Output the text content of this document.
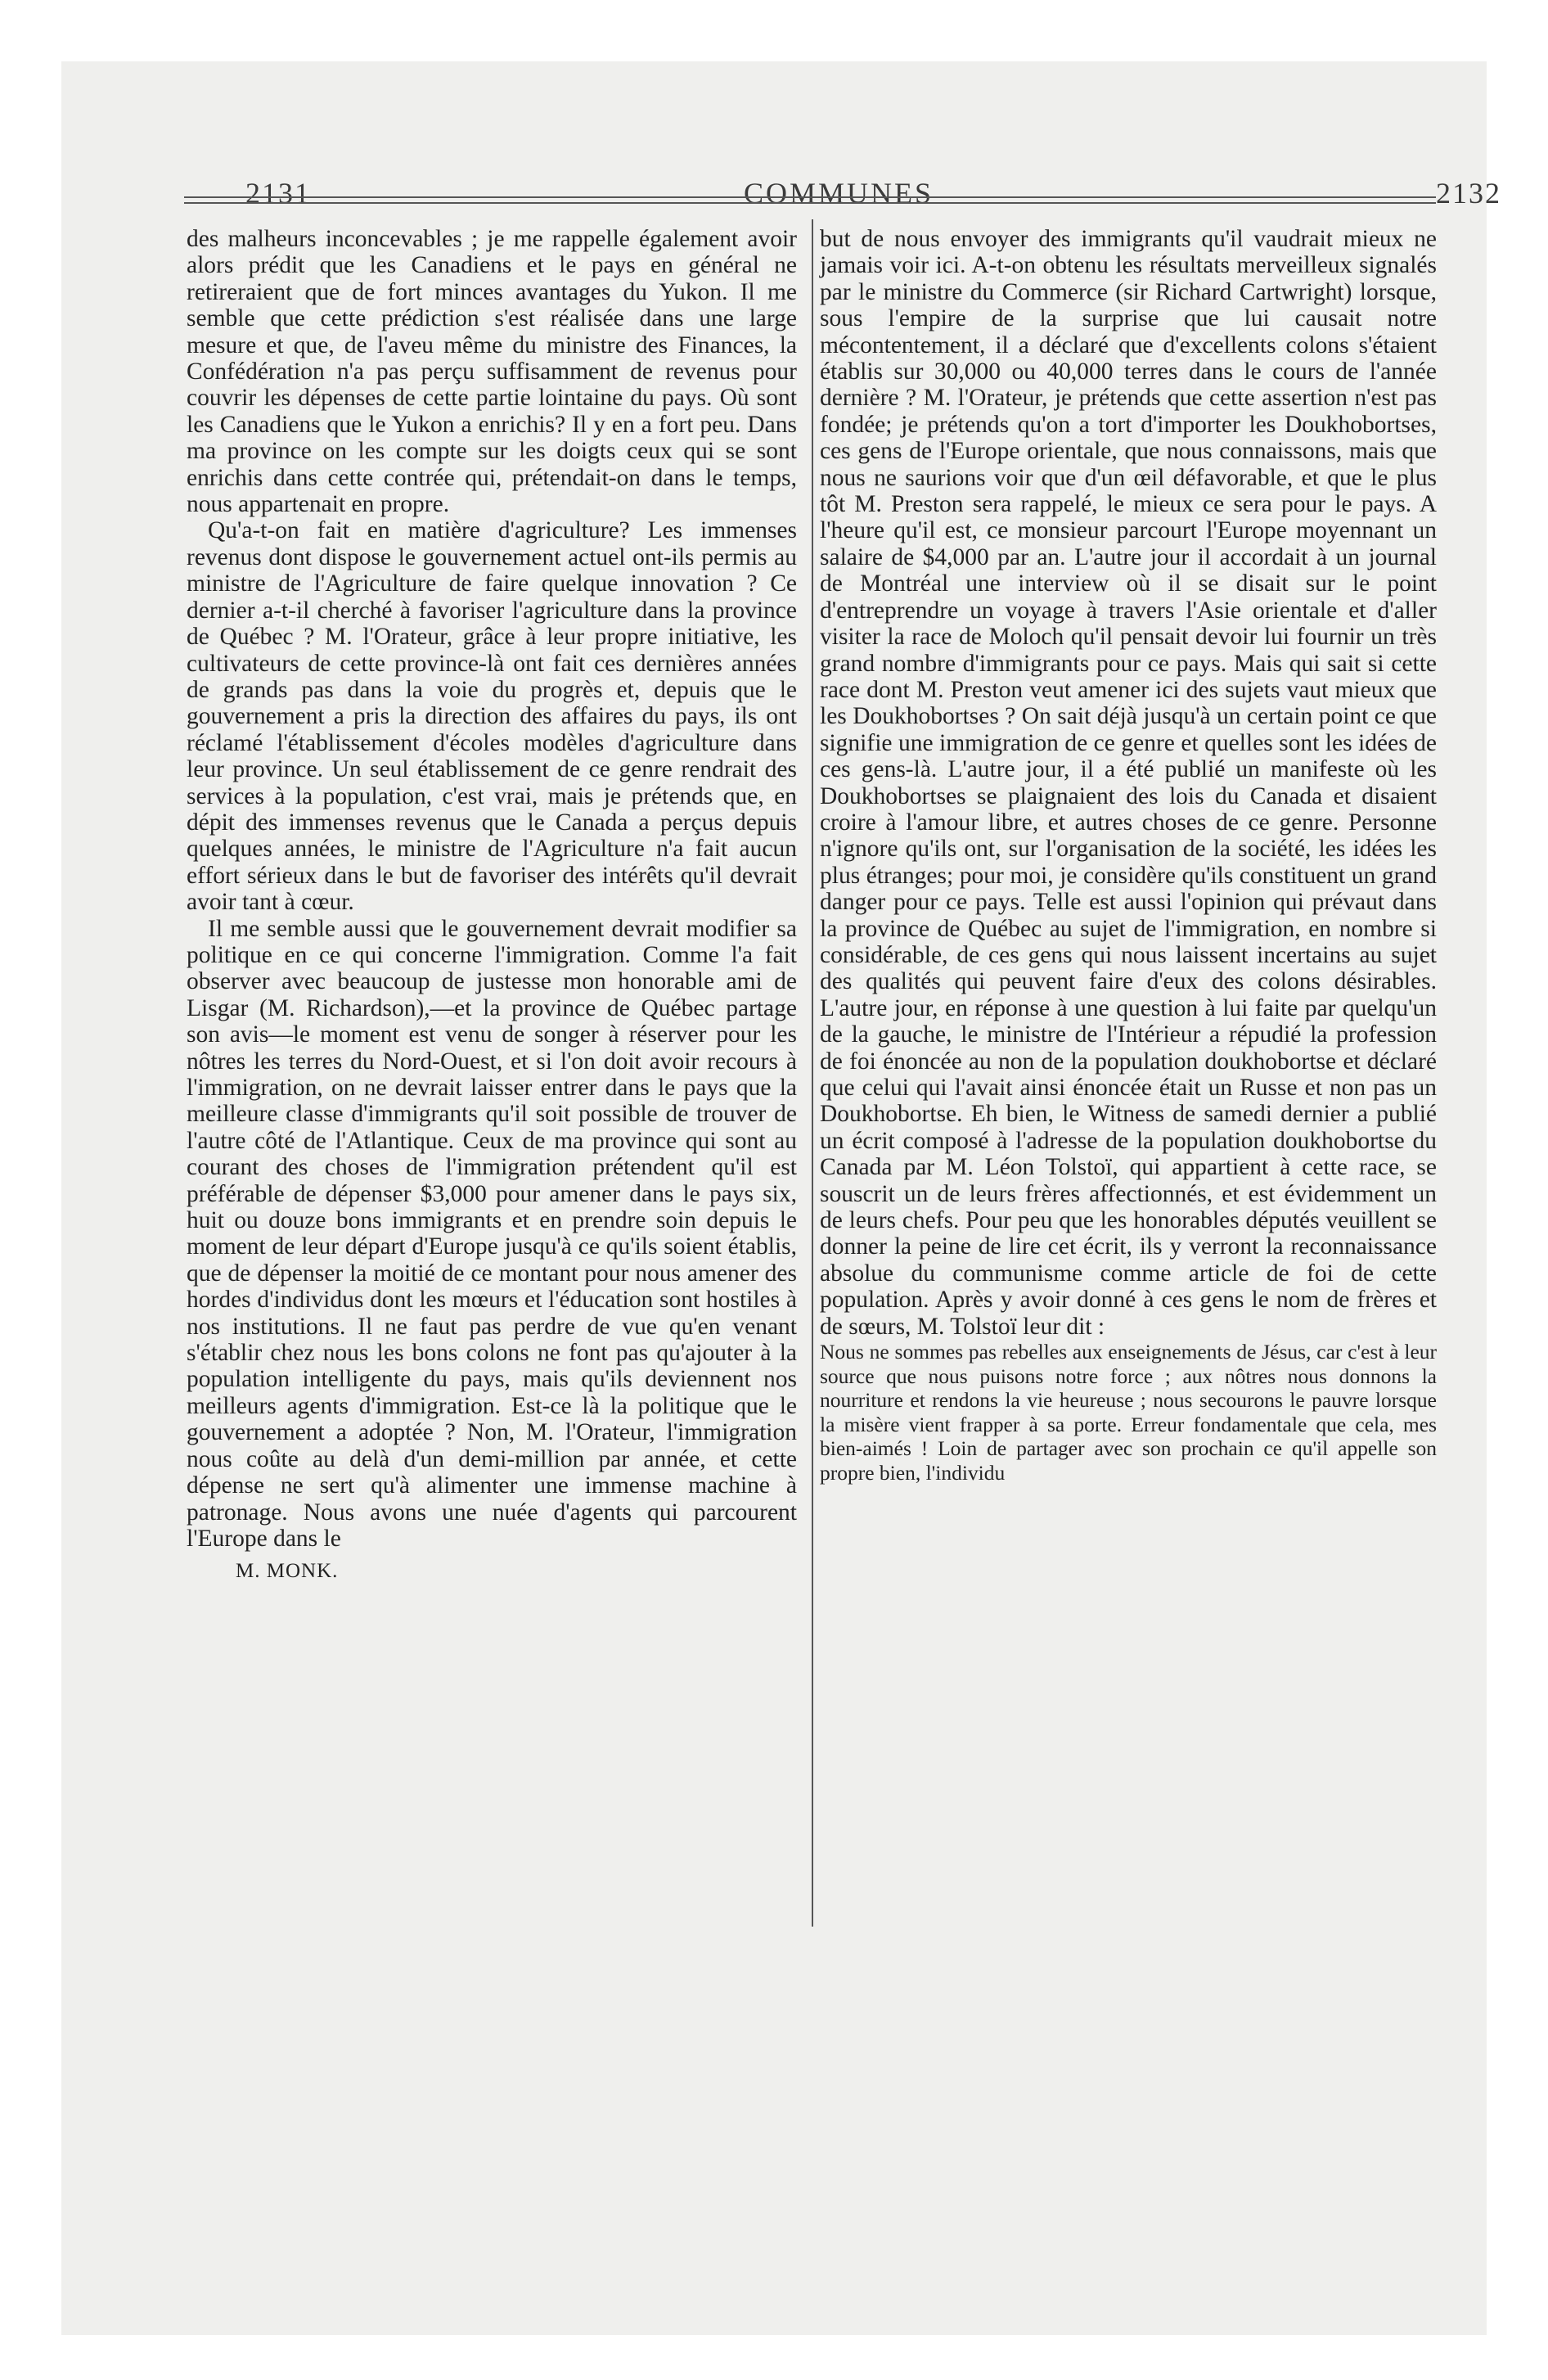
2131	COMMUNES	2132

des malheurs inconcevables ; je me rappelle également avoir alors prédit que les Canadiens et le pays en général ne retireraient que de fort minces avantages du Yukon. Il me semble que cette prédiction s'est réalisée dans une large mesure et que, de l'aveu même du ministre des Finances, la Confédération n'a pas perçu suffisamment de revenus pour couvrir les dépenses de cette partie lointaine du pays. Où sont les Canadiens que le Yukon a enrichis? Il y en a fort peu. Dans ma province on les compte sur les doigts ceux qui se sont enrichis dans cette contrée qui, prétendait-on dans le temps, nous appartenait en propre.

Qu'a-t-on fait en matière d'agriculture? Les immenses revenus dont dispose le gouvernement actuel ont-ils permis au ministre de l'Agriculture de faire quelque innovation ? Ce dernier a-t-il cherché à favoriser l'agriculture dans la province de Québec ? M. l'Orateur, grâce à leur propre initiative, les cultivateurs de cette province-là ont fait ces dernières années de grands pas dans la voie du progrès et, depuis que le gouvernement a pris la direction des affaires du pays, ils ont réclamé l'établissement d'écoles modèles d'agriculture dans leur province. Un seul établissement de ce genre rendrait des services à la population, c'est vrai, mais je prétends que, en dépit des immenses revenus que le Canada a perçus depuis quelques années, le ministre de l'Agriculture n'a fait aucun effort sérieux dans le but de favoriser des intérêts qu'il devrait avoir tant à cœur.

Il me semble aussi que le gouvernement devrait modifier sa politique en ce qui concerne l'immigration. Comme l'a fait observer avec beaucoup de justesse mon honorable ami de Lisgar (M. Richardson),—et la province de Québec partage son avis—le moment est venu de songer à réserver pour les nôtres les terres du Nord-Ouest, et si l'on doit avoir recours à l'immigration, on ne devrait laisser entrer dans le pays que la meilleure classe d'immigrants qu'il soit possible de trouver de l'autre côté de l'Atlantique. Ceux de ma province qui sont au courant des choses de l'immigration prétendent qu'il est préférable de dépenser $3,000 pour amener dans le pays six, huit ou douze bons immigrants et en prendre soin depuis le moment de leur départ d'Europe jusqu'à ce qu'ils soient établis, que de dépenser la moitié de ce montant pour nous amener des hordes d'individus dont les mœurs et l'éducation sont hostiles à nos institutions. Il ne faut pas perdre de vue qu'en venant s'établir chez nous les bons colons ne font pas qu'ajouter à la population intelligente du pays, mais qu'ils deviennent nos meilleurs agents d'immigration. Est-ce là la politique que le gouvernement a adoptée ? Non, M. l'Orateur, l'immigration nous coûte au delà d'un demi-million par année, et cette dépense ne sert qu'à alimenter une immense machine à patronage. Nous avons une nuée d'agents qui parcourent l'Europe dans le

M. MONK.

but de nous envoyer des immigrants qu'il vaudrait mieux ne jamais voir ici. A-t-on obtenu les résultats merveilleux signalés par le ministre du Commerce (sir Richard Cartwright) lorsque, sous l'empire de la surprise que lui causait notre mécontentement, il a déclaré que d'excellents colons s'étaient établis sur 30,000 ou 40,000 terres dans le cours de l'année dernière ? M. l'Orateur, je prétends que cette assertion n'est pas fondée; je prétends qu'on a tort d'importer les Doukhobortses, ces gens de l'Europe orientale, que nous connaissons, mais que nous ne saurions voir que d'un œil défavorable, et que le plus tôt M. Preston sera rappelé, le mieux ce sera pour le pays. A l'heure qu'il est, ce monsieur parcourt l'Europe moyennant un salaire de $4,000 par an. L'autre jour il accordait à un journal de Montréal une interview où il se disait sur le point d'entreprendre un voyage à travers l'Asie orientale et d'aller visiter la race de Moloch qu'il pensait devoir lui fournir un très grand nombre d'immigrants pour ce pays. Mais qui sait si cette race dont M. Preston veut amener ici des sujets vaut mieux que les Doukhobortses ? On sait déjà jusqu'à un certain point ce que signifie une immigration de ce genre et quelles sont les idées de ces gens-là. L'autre jour, il a été publié un manifeste où les Doukhobortses se plaignaient des lois du Canada et disaient croire à l'amour libre, et autres choses de ce genre. Personne n'ignore qu'ils ont, sur l'organisation de la société, les idées les plus étranges; pour moi, je considère qu'ils constituent un grand danger pour ce pays. Telle est aussi l'opinion qui prévaut dans la province de Québec au sujet de l'immigration, en nombre si considérable, de ces gens qui nous laissent incertains au sujet des qualités qui peuvent faire d'eux des colons désirables. L'autre jour, en réponse à une question à lui faite par quelqu'un de la gauche, le ministre de l'Intérieur a répudié la profession de foi énoncée au non de la population doukhobortse et déclaré que celui qui l'avait ainsi énoncée était un Russe et non pas un Doukhobortse. Eh bien, le Witness de samedi dernier a publié un écrit composé à l'adresse de la population doukhobortse du Canada par M. Léon Tolstoï, qui appartient à cette race, se souscrit un de leurs frères affectionnés, et est évidemment un de leurs chefs. Pour peu que les honorables députés veuillent se donner la peine de lire cet écrit, ils y verront la reconnaissance absolue du communisme comme article de foi de cette population. Après y avoir donné à ces gens le nom de frères et de sœurs, M. Tolstoï leur dit :

Nous ne sommes pas rebelles aux enseignements de Jésus, car c'est à leur source que nous puisons notre force ; aux nôtres nous donnons la nourriture et rendons la vie heureuse ; nous secourons le pauvre lorsque la misère vient frapper à sa porte. Erreur fondamentale que cela, mes bien-aimés ! Loin de partager avec son prochain ce qu'il appelle son propre bien, l'individu
